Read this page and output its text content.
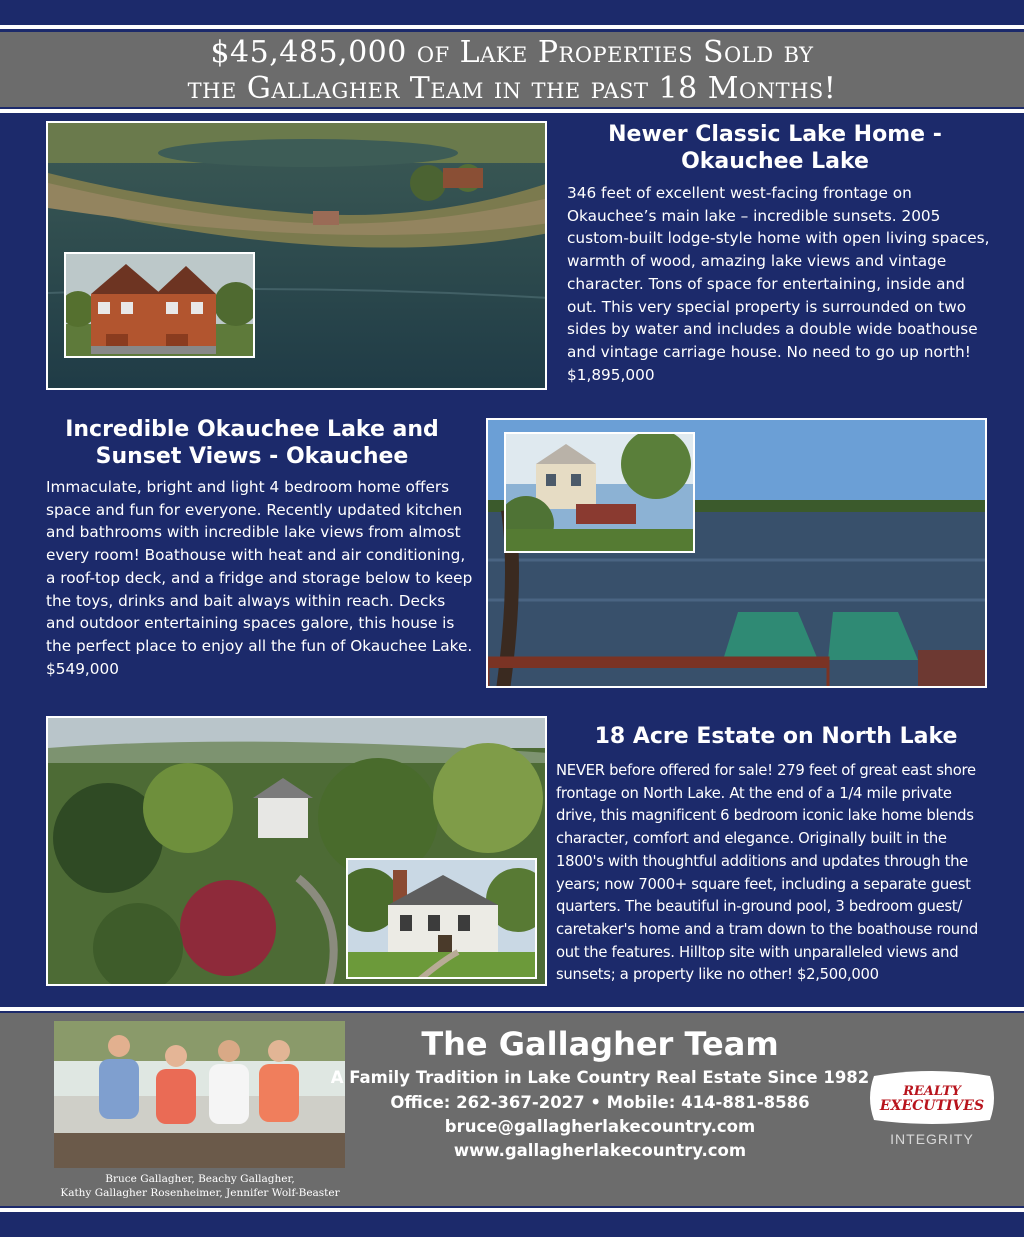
$45,485,000 of Lake Properties Sold by
the Gallagher Team in the past 18 Months!
Newer Classic Lake Home -
Okauchee Lake
346 feet of excellent west-facing frontage on Okauchee’s main lake – incredible sunsets. 2005 custom-built lodge-style home with open living spaces, warmth of wood, amazing lake views and vintage character. Tons of space for entertaining, inside and out. This very special property is surrounded on two sides by water and includes a double wide boathouse and vintage carriage house. No need to go up north! $1,895,000
Incredible Okauchee Lake and
Sunset Views - Okauchee
Immaculate, bright and light 4 bedroom home offers space and fun for everyone. Recently updated kitchen and bathrooms with incredible lake views from almost every room! Boathouse with heat and air conditioning, a roof-top deck, and a fridge and storage below to keep the toys, drinks and bait always within reach. Decks and outdoor entertaining spaces galore, this house is the perfect place to enjoy all the fun of Okauchee Lake. $549,000
18 Acre Estate on North Lake
NEVER before offered for sale! 279 feet of great east shore frontage on North Lake. At the end of a 1/4 mile private drive, this magnificent 6 bedroom iconic lake home blends character, comfort and elegance. Originally built in the 1800's with thoughtful additions and updates through the years; now 7000+ square feet, including a separate guest quarters. The beautiful in-ground pool, 3 bedroom guest/ caretaker's home and a tram down to the boathouse round out the features. Hilltop site with unparalleled views and sunsets; a property like no other! $2,500,000
Bruce Gallagher, Beachy Gallagher,
Kathy Gallagher Rosenheimer, Jennifer Wolf-Beaster
The Gallagher Team
A Family Tradition in Lake Country Real Estate Since 1982
Office: 262-367-2027 • Mobile: 414-881-8586
bruce@gallagherlakecountry.com
www.gallagherlakecountry.com
REALTY
EXECUTIVES
INTEGRITY
